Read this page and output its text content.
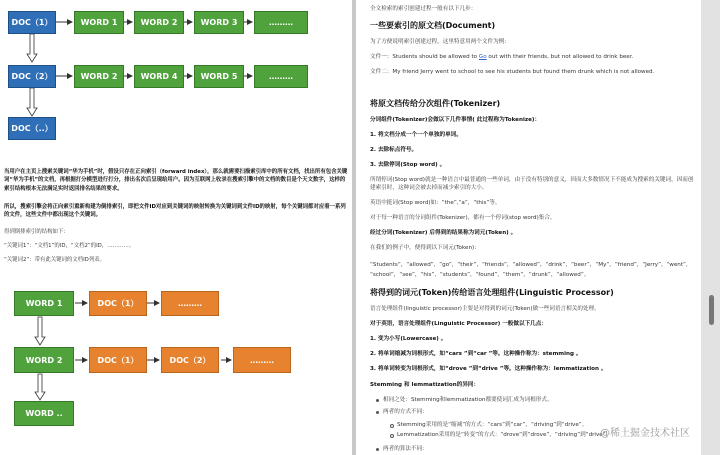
DOC（1）	WORD 1	WORD 2	WORD 3	………
DOC（2）	WORD 2	WORD 4	WORD 5	………
DOC（..）
当用户在主页上搜索关键词“华为手机”时，假设只存在正向索引（forward index），那么就需要扫描索引库中的所有文档，找出所有包含关键词“华为手机”的文档，再根据打分模型进行打分，排出名次后呈现给用户。因为互联网上收录在搜索引擎中的文档的数目是个天文数字，这样的索引结构根本无法满足实时返回排名结果的要求。
所以，搜索引擎会将正向索引重新构建为倒排索引，即把文件ID对应到关键词的映射转换为关键词到文件ID的映射，每个关键词都对应着一系列的文件，这些文件中都出现这个关键词。
得到倒排索引的结构如下：
“关键词1”：“文档1”的ID，“文档2”的ID，…………。
“关键词2”：带有此关键词的文档ID列表。
WORD 1	DOC（1）	………
WORD 2	DOC（1）	DOC（2）	………
WORD ..
全文检索的索引创建过程一般有以下几步：
一些要索引的原文档(Document)
为了方便说明索引创建过程，这里特意用两个文件为例：
文件一：Students should be allowed to Go out with their friends, but not allowed to drink beer.
文件二：My friend Jerry went to school to see his students but found them drunk which is not allowed.
将原文档传给分次组件(Tokenizer)
分词组件(Tokenizer)会做以下几件事情( 此过程称为Tokenize)：
1. 将文档分成一个一个单独的单词。
2. 去除标点符号。
3. 去除停词(Stop word) 。
所谓停词(Stop word)就是一种语言中最普通的一些单词，由于没有特别的意义，因而大多数情况下不能成为搜索的关键词，因而创建索引时，这种词会被去掉而减少索引的大小。
英语中挺词(Stop word)如：“the”,“a”，“this”等。
对于每一种语言的分词组件(Tokenizer)，都有一个停词(stop word)集合。
经过分词(Tokenizer) 后得到的结果称为词元(Token) 。
在我们的例子中，便得到以下词元(Token)：
“Students”，“allowed”，“go”，“their”，“friends”，“allowed”，“drink”，“beer”，“My”，“friend”，“Jerry”，“went”，
“school”，“see”，“his”，“students”，“found”，“them”，“drunk”，“allowed”。
将得到的词元(Token)传给语言处理组件(Linguistic Processor)
语言处理组件(linguistic processor)主要是对得到的词元(Token)做一些同语言相关的处理。
对于英语，语言处理组件(Linguistic Processor) 一般做以下几点：
1. 变为小写(Lowercase) 。
2. 将单词缩减为词根形式，如“cars ”到“car ”等。这种操作称为：stemming 。
3. 将单词转变为词根形式，如“drove ”到“drive ”等。这种操作称为：lemmatization 。
Stemming 和 lemmatization的异同：
相同之处：Stemming和lemmatization都要使词汇成为词根形式。
两者的方式不同：
Stemming采用的是“缩减”的方式：“cars”到“car”，“driving”到“drive”。
Lemmatization采用的是“转变”的方式：“drove”到“drove”，“driving”到“drive”。
两者的算法不同：
@稀土掘金技术社区
